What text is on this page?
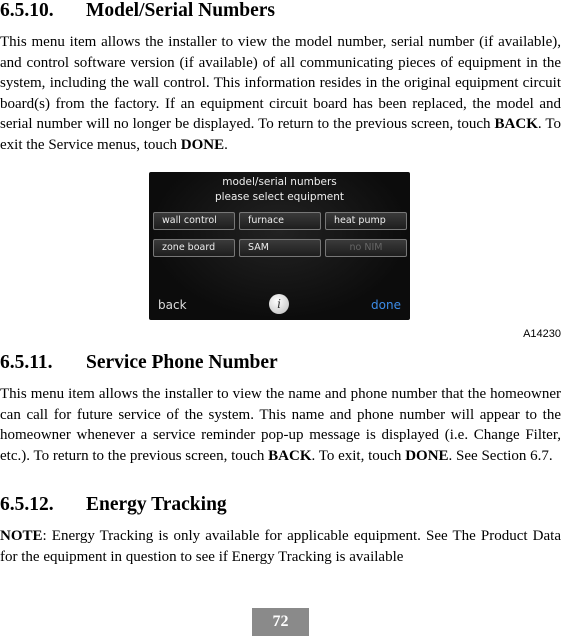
6.5.10. Model/Serial Numbers

This menu item allows the installer to view the model number, serial number (if available), and control software version (if available) of all communicating pieces of equipment in the system, including the wall control. This information resides in the original equipment circuit board(s) from the factory. If an equipment circuit board has been replaced, the model and serial number will no longer be displayed. To return to the previous screen, touch BACK. To exit the Service menus, touch DONE.

model/serial numbers
please select equipment
wall control	furnace	heat pump
zone board	SAM	no NIM
back	i	done
A14230
6.5.11. Service Phone Number

This menu item allows the installer to view the name and phone number that the homeowner can call for future service of the system. This name and phone number will appear to the homeowner whenever a service reminder pop-up message is displayed (i.e. Change Filter, etc.). To return to the previous screen, touch BACK. To exit, touch DONE. See Section 6.7.

6.5.12. Energy Tracking

NOTE: Energy Tracking is only available for applicable equipment. See The Product Data for the equipment in question to see if Energy Tracking is available

72
